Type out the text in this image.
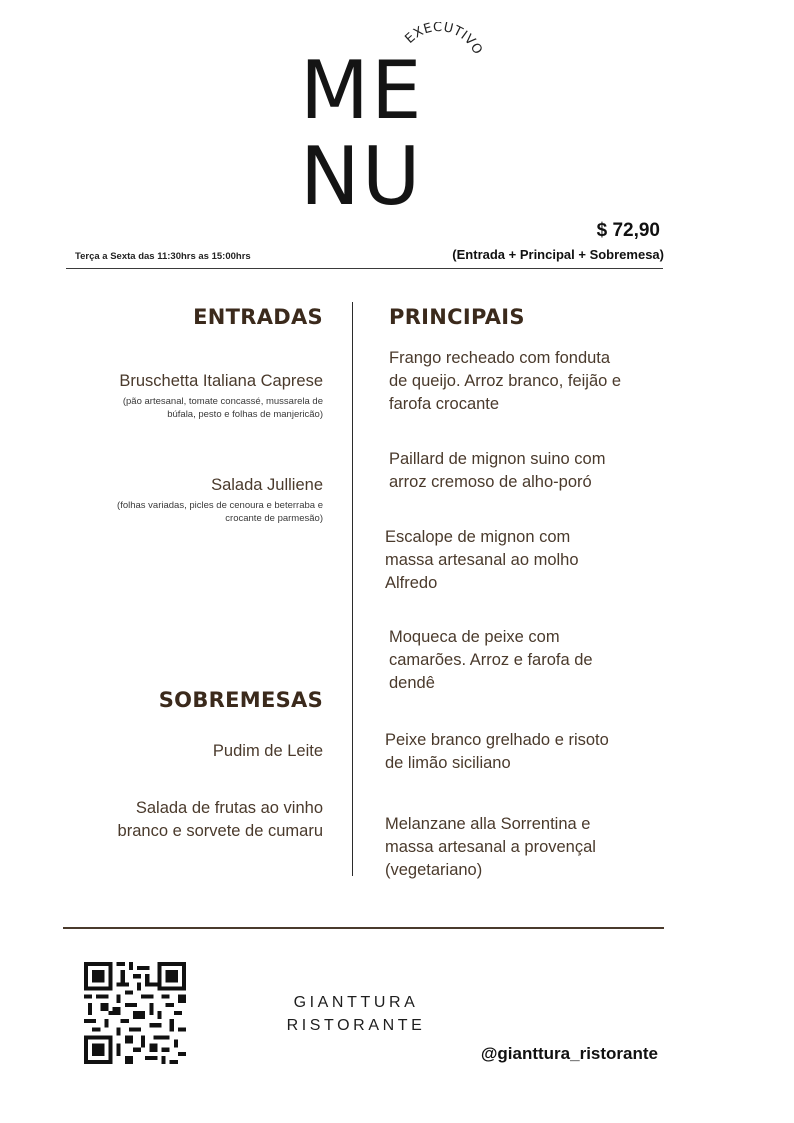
ME
NU
EXECUTIVO
$ 72,90
(Entrada + Principal + Sobremesa)
Terça a Sexta das 11:30hrs as 15:00hrs
ENTRADAS
Bruschetta Italiana Caprese
(pão artesanal, tomate concassé, mussarela de
búfala, pesto e folhas de manjericão)
Salada Julliene
(folhas variadas, picles de cenoura e beterraba e
crocante de parmesão)
SOBREMESAS
Pudim de Leite
Salada de frutas ao vinho
branco e sorvete de cumaru
PRINCIPAIS
Frango recheado com fonduta
de queijo. Arroz branco, feijão e
farofa crocante
Paillard de mignon suino com
arroz cremoso de alho-poró
Escalope de mignon com
massa artesanal ao molho
Alfredo
Moqueca de peixe com
camarões. Arroz e farofa de
dendê
Peixe branco grelhado e risoto
de limão siciliano
Melanzane alla Sorrentina e
massa artesanal a provençal
(vegetariano)
GIANTTURA
RISTORANTE
@gianttura_ristorante
